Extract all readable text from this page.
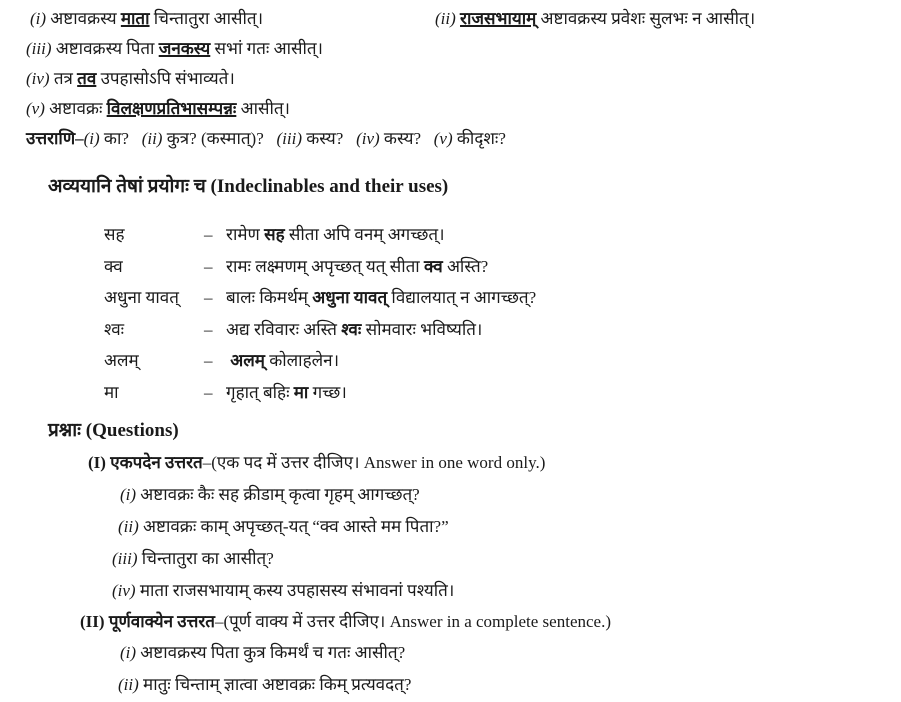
(i) अष्टावक्रस्य माता चिन्तातुरा आसीत्।	(ii) राजसभायाम् अष्टावक्रस्य प्रवेशः सुलभः न आसीत्।
(iii) अष्टावक्रस्य पिता जनकस्य सभां गतः आसीत्।
(iv) तत्र तव उपहासोऽपि संभाव्यते।
(v) अष्टावक्रः विलक्षणप्रतिभासम्पन्नः आसीत्।
उत्तराणि–(i) का? (ii) कुत्र? (कस्मात्)? (iii) कस्य? (iv) कस्य? (v) कीदृशः?
अव्ययानि तेषां प्रयोगः च (Indeclinables and their uses)
सह	– रामेण सह सीता अपि वनम् अगच्छत्।
क्व	– रामः लक्ष्मणम् अपृच्छत् यत् सीता क्व अस्ति?
अधुना यावत् – बालः किमर्थम् अधुना यावत् विद्यालयात् न आगच्छत्?
श्वः	– अद्य रविवारः अस्ति श्वः सोमवारः भविष्यति।
अलम्	– अलम् कोलाहलेन।
मा	– गृहात् बहिः मा गच्छ।
प्रश्नाः (Questions)
(I) एकपदेन उत्तरत–(एक पद में उत्तर दीजिए। Answer in one word only.)
(i) अष्टावक्रः कैः सह क्रीडाम् कृत्वा गृहम् आगच्छत्?
(ii) अष्टावक्रः काम् अपृच्छत्-यत् “क्व आस्ते मम पिता?”
(iii) चिन्तातुरा का आसीत्?
(iv) माता राजसभायाम् कस्य उपहासस्य संभावनां पश्यति।
(II) पूर्णवाक्येन उत्तरत–(पूर्ण वाक्य में उत्तर दीजिए। Answer in a complete sentence.)
(i) अष्टावक्रस्य पिता कुत्र किमर्थं च गतः आसीत्?
(ii) मातुः चिन्ताम् ज्ञात्वा अष्टावक्रः किम् प्रत्यवदत्?
